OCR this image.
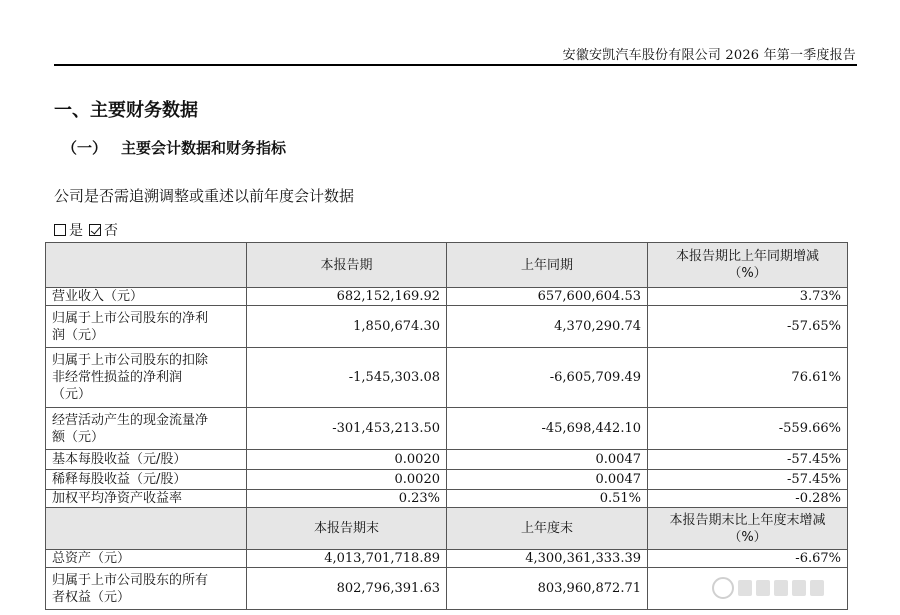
安徽安凯汽车股份有限公司 2026 年第一季度报告
一、主要财务数据
（一） 主要会计数据和财务指标
公司是否需追溯调整或重述以前年度会计数据
是 否
	本报告期	上年同期	本报告期比上年同期增减
（%）

营业收入（元）	682,152,169.92	657,600,604.53	3.73%

归属于上市公司股东的净利
润（元）	1,850,674.30	4,370,290.74	-57.65%

归属于上市公司股东的扣除
非经常性损益的净利润
（元）	-1,545,303.08	-6,605,709.49	76.61%

经营活动产生的现金流量净
额（元）	-301,453,213.50	-45,698,442.10	-559.66%

基本每股收益（元/股）	0.0020	0.0047	-57.45%

稀释每股收益（元/股）	0.0020	0.0047	-57.45%

加权平均净资产收益率	0.23%	0.51%	-0.28%
	本报告期末	上年度末	本报告期末比上年度末增减
（%）

总资产（元）	4,013,701,718.89	4,300,361,333.39	-6.67%

归属于上市公司股东的所有
者权益（元）	802,796,391.63	803,960,872.71	
